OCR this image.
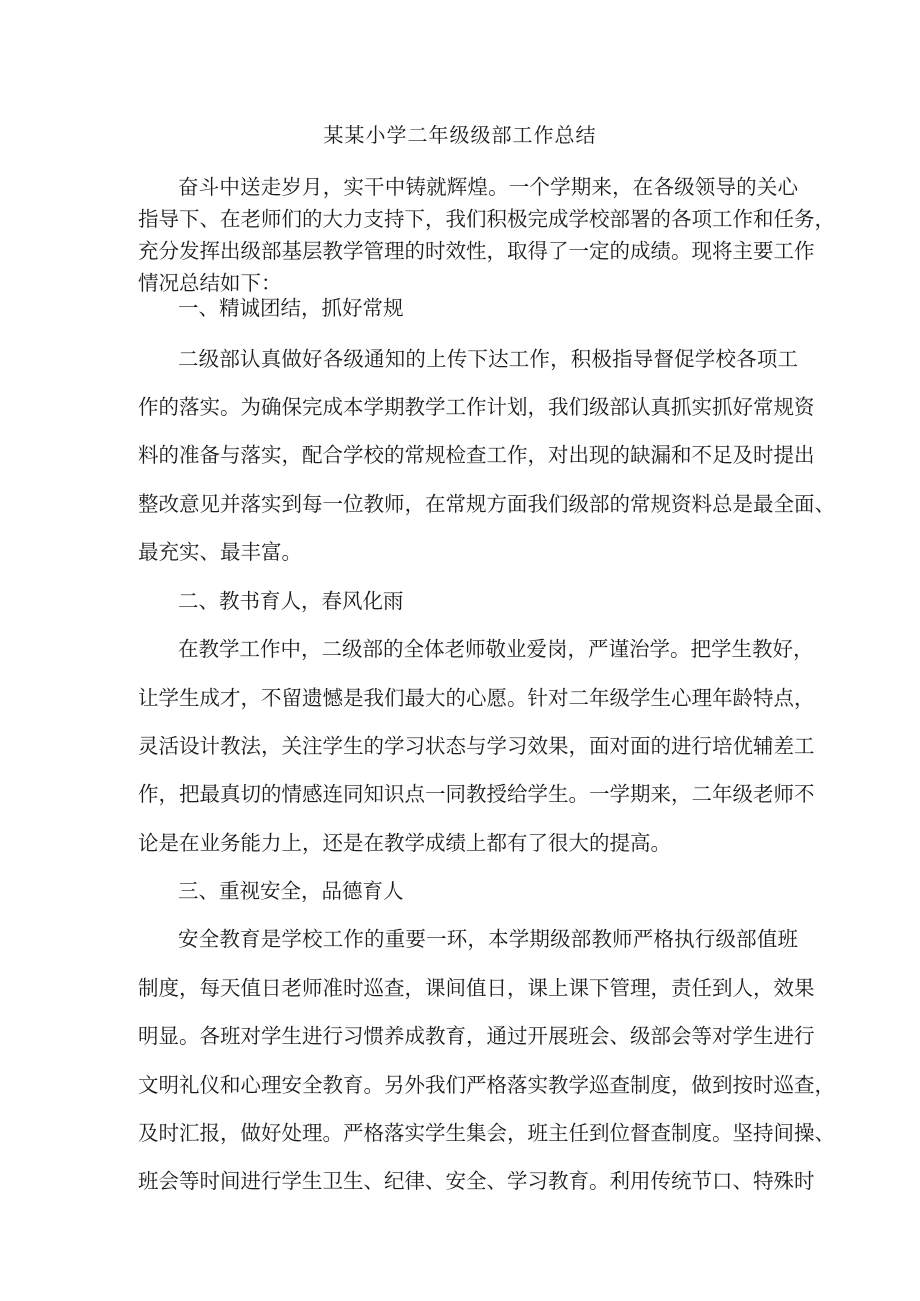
某某小学二年级级部工作总结
奋斗中送走岁月，实干中铸就辉煌。一个学期来，在各级领导的关心
指导下、在老师们的大力支持下，我们积极完成学校部署的各项工作和任务，
充分发挥出级部基层教学管理的时效性，取得了一定的成绩。现将主要工作
情况总结如下：
一、精诚团结，抓好常规
二级部认真做好各级通知的上传下达工作，积极指导督促学校各项工
作的落实。为确保完成本学期教学工作计划，我们级部认真抓实抓好常规资
料的准备与落实，配合学校的常规检查工作，对出现的缺漏和不足及时提出
整改意见并落实到每一位教师，在常规方面我们级部的常规资料总是最全面、
最充实、最丰富。
二、教书育人，春风化雨
在教学工作中，二级部的全体老师敬业爱岗，严谨治学。把学生教好，
让学生成才，不留遗憾是我们最大的心愿。针对二年级学生心理年龄特点，
灵活设计教法，关注学生的学习状态与学习效果，面对面的进行培优辅差工
作，把最真切的情感连同知识点一同教授给学生。一学期来，二年级老师不
论是在业务能力上，还是在教学成绩上都有了很大的提高。
三、重视安全，品德育人
安全教育是学校工作的重要一环，本学期级部教师严格执行级部值班
制度，每天值日老师准时巡查，课间值日，课上课下管理，责任到人，效果
明显。各班对学生进行习惯养成教育，通过开展班会、级部会等对学生进行
文明礼仪和心理安全教育。另外我们严格落实教学巡查制度，做到按时巡查，
及时汇报，做好处理。严格落实学生集会，班主任到位督查制度。坚持间操、
班会等时间进行学生卫生、纪律、安全、学习教育。利用传统节口、特殊时
